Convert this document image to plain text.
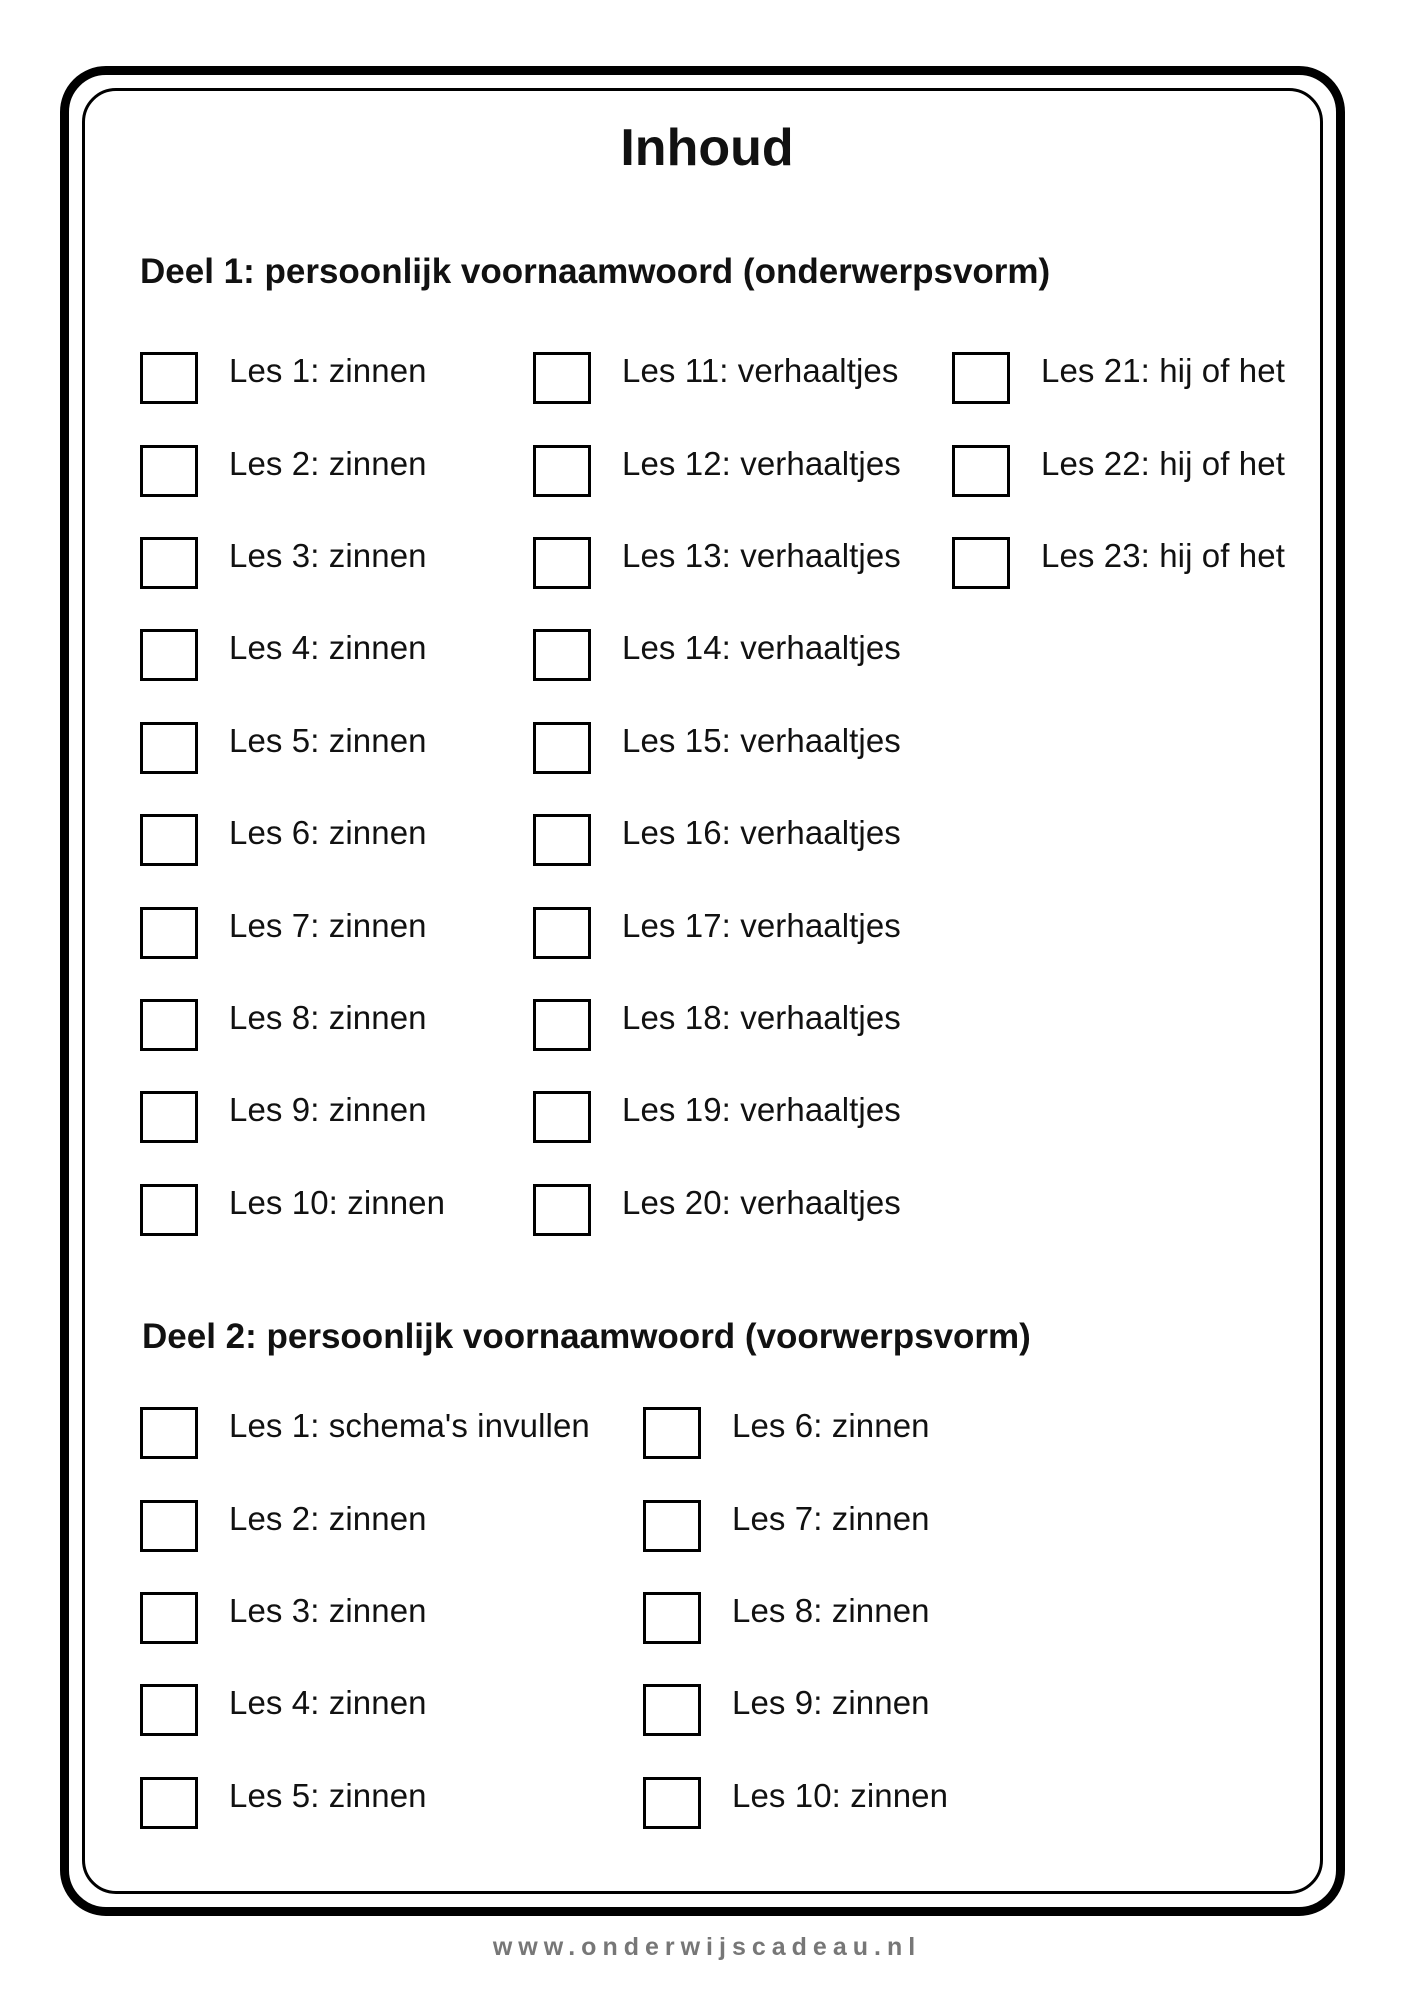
Inhoud
Deel 1: persoonlijk voornaamwoord (onderwerpsvorm)
Les 1: zinnen
Les 2: zinnen
Les 3: zinnen
Les 4: zinnen
Les 5: zinnen
Les 6: zinnen
Les 7: zinnen
Les 8: zinnen
Les 9: zinnen
Les 10: zinnen
Les 11: verhaaltjes
Les 12: verhaaltjes
Les 13: verhaaltjes
Les 14: verhaaltjes
Les 15: verhaaltjes
Les 16: verhaaltjes
Les 17: verhaaltjes
Les 18: verhaaltjes
Les 19: verhaaltjes
Les 20: verhaaltjes
Les 21: hij of het
Les 22: hij of het
Les 23: hij of het
Deel 2: persoonlijk voornaamwoord (voorwerpsvorm)
Les 1: schema's invullen
Les 2: zinnen
Les 3: zinnen
Les 4: zinnen
Les 5: zinnen
Les 6: zinnen
Les 7: zinnen
Les 8: zinnen
Les 9: zinnen
Les 10: zinnen
www.onderwijscadeau.nl
